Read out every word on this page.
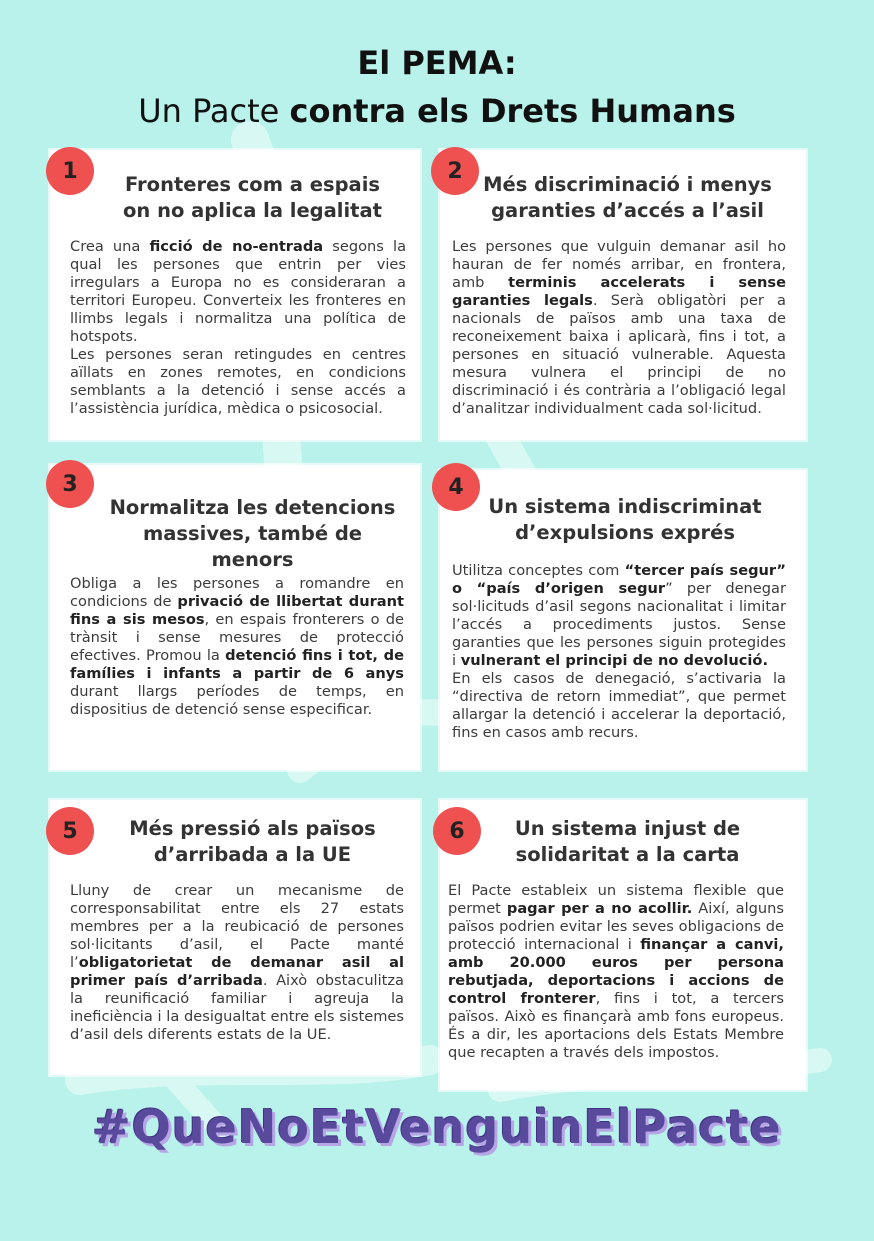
El PEMA:
Un Pacte contra els Drets Humans
Fronteres com a espais on no aplica la legalitat

Crea una ficció de no-entrada segons la qual les persones que entrin per vies irregulars a Europa no es consideraran a territori Europeu. Converteix les fronteres en llimbs legals i normalitza una política de hotspots.

Les persones seran retingudes en centres aïllats en zones remotes, en condicions semblants a la detenció i sense accés a l’assistència jurídica, mèdica o psicosocial.

1
Més discriminació i menys garanties d’accés a l’asil

Les persones que vulguin demanar asil ho hauran de fer només arribar, en frontera, amb terminis accelerats i sense garanties legals. Serà obligatòri per a nacionals de països amb una taxa de reconeixement baixa i aplicarà, fins i tot, a persones en situació vulnerable. Aquesta mesura vulnera el principi de no discriminació i és contrària a l’obligació legal d’analitzar individualment cada sol·licitud.

2
Normalitza les detencions massives, també de menors

Obliga a les persones a romandre en condicions de privació de llibertat durant fins a sis mesos, en espais fronterers o de trànsit i sense mesures de protecció efectives. Promou la detenció fins i tot, de famílies i infants a partir de 6 anys durant llargs períodes de temps, en dispositius de detenció sense especificar.

3
Un sistema indiscriminat d’expulsions exprés

Utilitza conceptes com “tercer país segur” o “país d’origen segur” per denegar sol·licituds d’asil segons nacionalitat i limitar l’accés a procediments justos. Sense garanties que les persones siguin protegides i vulnerant el principi de no devolució.

En els casos de denegació, s’activaria la “directiva de retorn immediat”, que permet allargar la detenció i accelerar la deportació, fins en casos amb recurs.

4
Més pressió als països d’arribada a la UE

Lluny de crear un mecanisme de corresponsabilitat entre els 27 estats membres per a la reubicació de persones sol·licitants d’asil, el Pacte manté l’obligatorietat de demanar asil al primer país d’arribada. Això obstaculitza la reunificació familiar i agreuja la ineficiència i la desigualtat entre els sistemes d’asil dels diferents estats de la UE.

5	Un sistema injust de solidaritat a la carta

El Pacte estableix un sistema flexible que permet pagar per a no acollir. Així, alguns països podrien evitar les seves obligacions de protecció internacional i finançar a canvi, amb 20.000 euros per persona rebutjada, deportacions i accions de control fronterer, fins i tot, a tercers països. Això es finançarà amb fons europeus. És a dir, les aportacions dels Estats Membre que recapten a través dels impostos.

6
#QueNoEtVenguinElPacte
